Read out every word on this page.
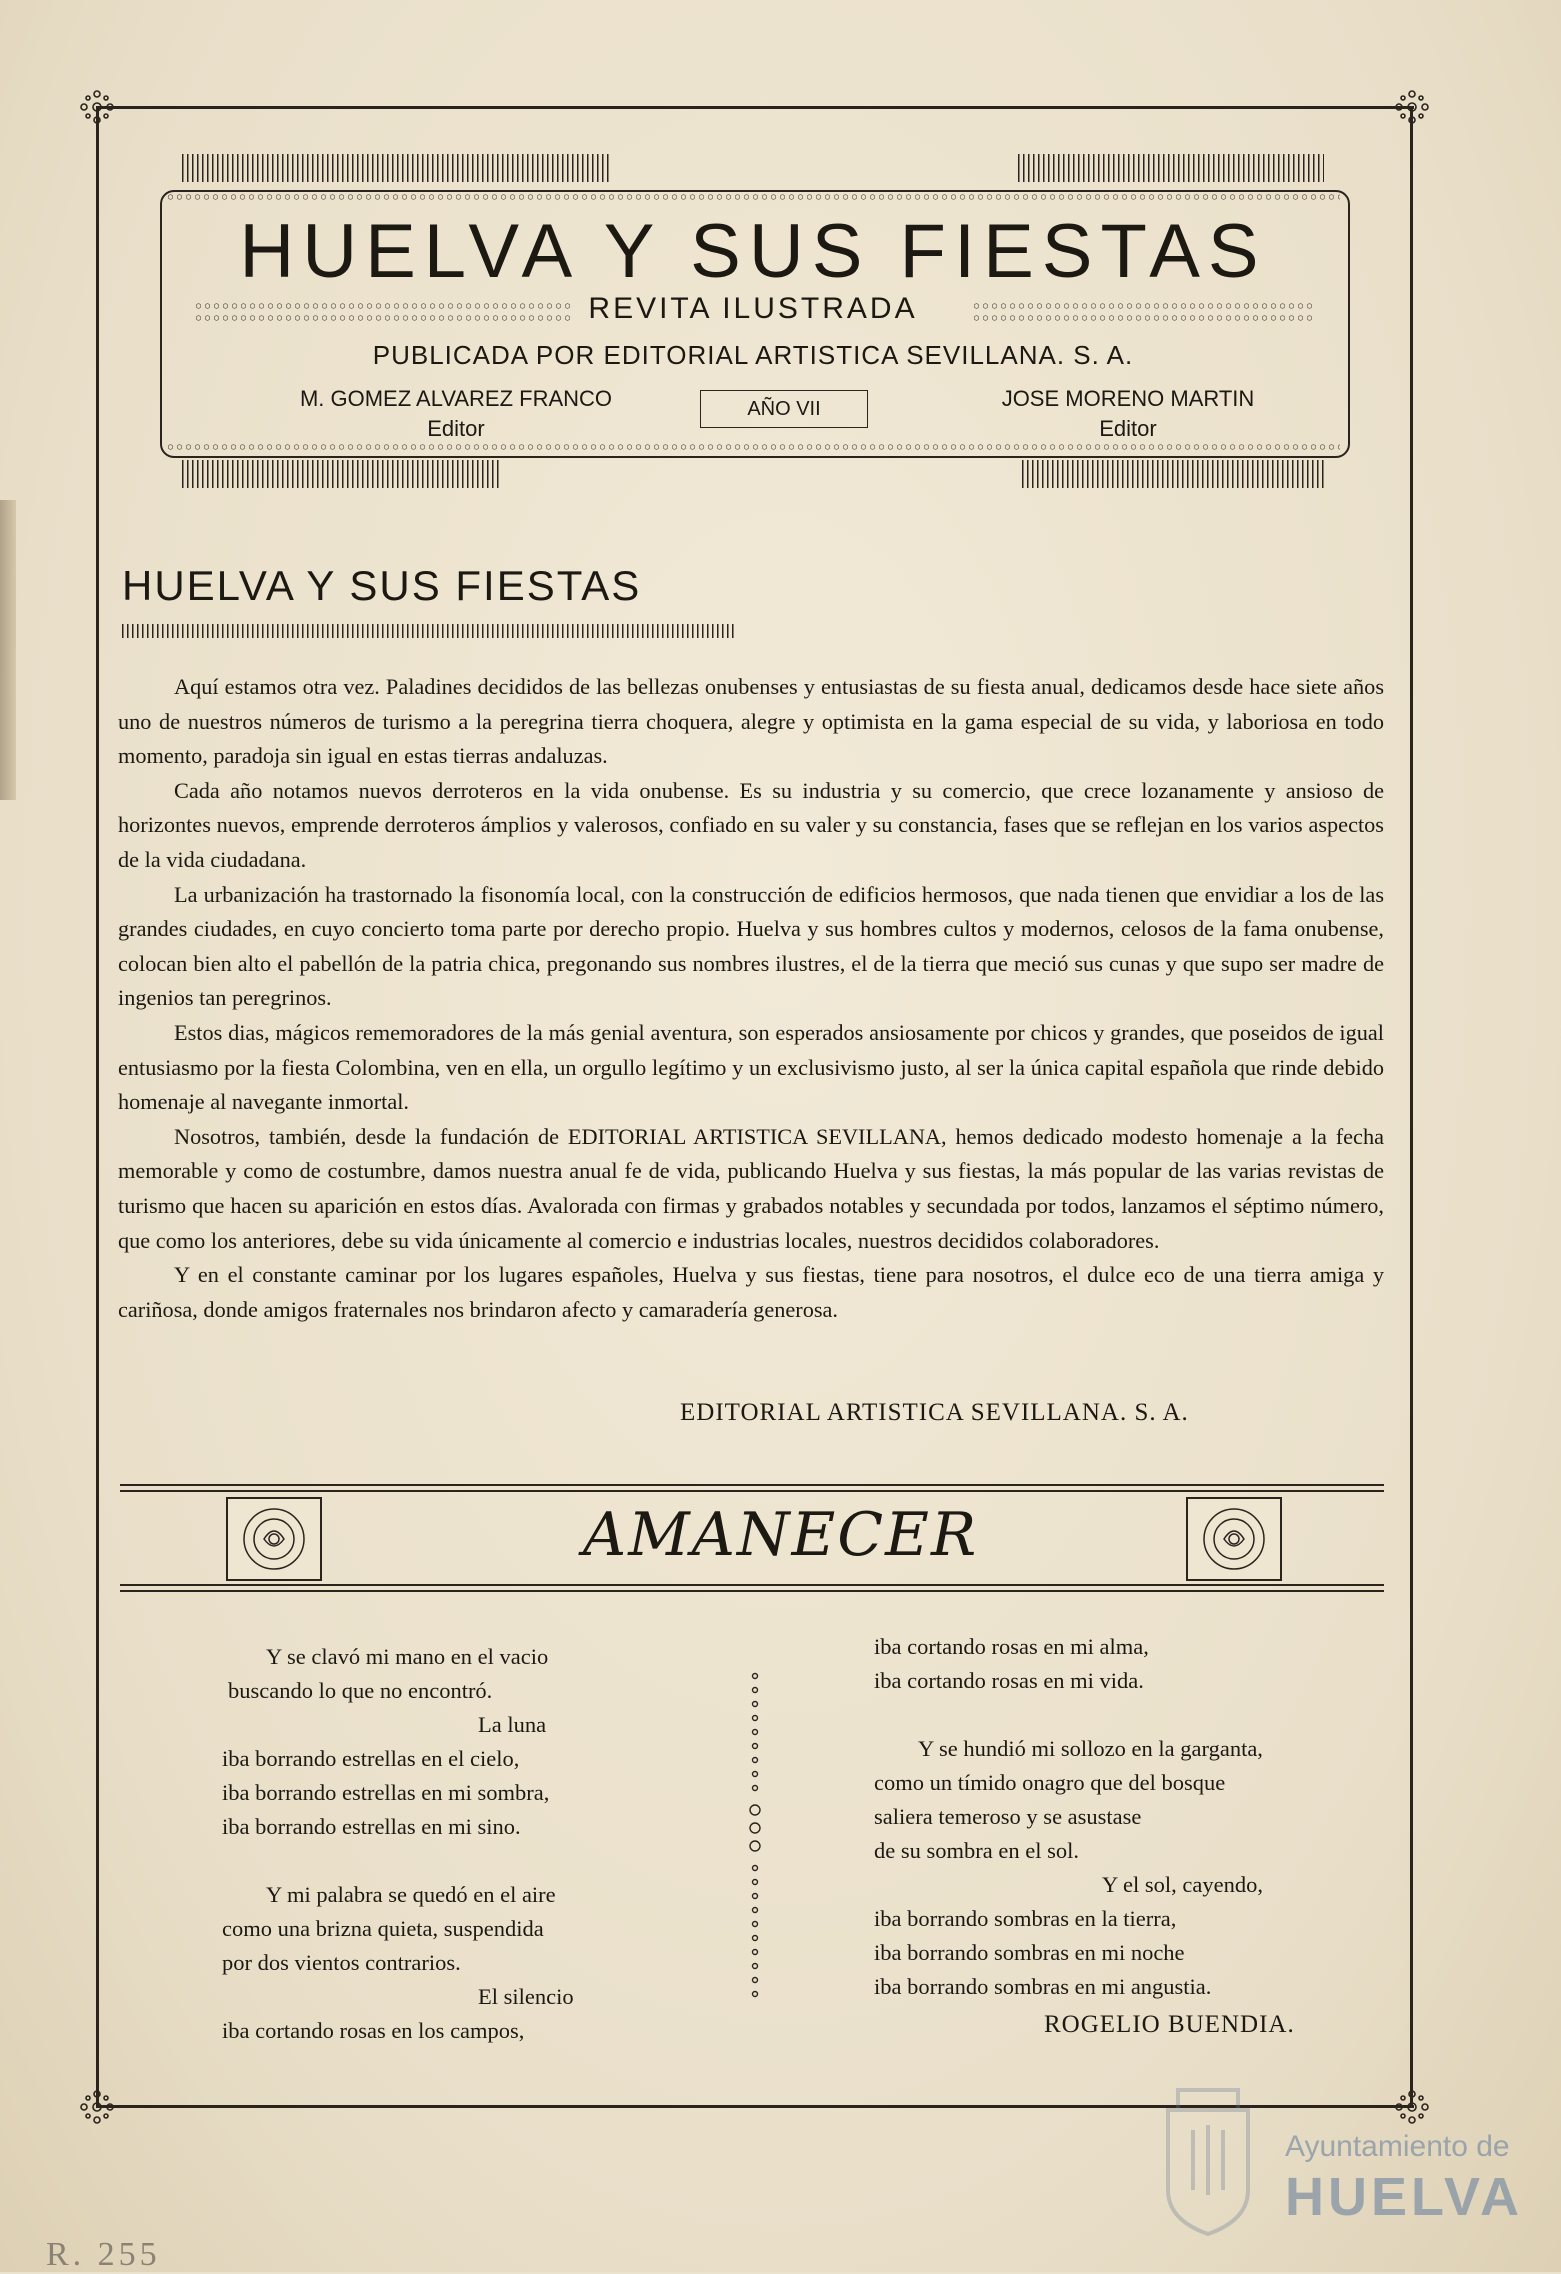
HUELVA Y SUS FIESTAS
REVITA ILUSTRADA
PUBLICADA POR EDITORIAL ARTISTICA SEVILLANA. S. A.
M. GOMEZ ALVAREZ FRANCO
Editor
AÑO VII	JOSE MORENO MARTIN
Editor
HUELVA Y SUS FIESTAS

Aquí estamos otra vez. Paladines decididos de las bellezas onubenses y entusiastas de su fiesta anual, dedicamos desde hace siete años uno de nuestros números de turismo a la peregrina tierra choquera, alegre y optimista en la gama especial de su vida, y laboriosa en todo momento, paradoja sin igual en estas tierras andaluzas.

Cada año notamos nuevos derroteros en la vida onubense. Es su industria y su comercio, que crece lozanamente y ansioso de horizontes nuevos, emprende derroteros ámplios y valerosos, confiado en su valer y su constancia, fases que se reflejan en los varios aspectos de la vida ciudadana.

La urbanización ha trastornado la fisonomía local, con la construcción de edificios hermosos, que nada tienen que envidiar a los de las grandes ciudades, en cuyo concierto toma parte por derecho propio. Huelva y sus hombres cultos y modernos, celosos de la fama onubense, colocan bien alto el pabellón de la patria chica, pregonando sus nombres ilustres, el de la tierra que meció sus cunas y que supo ser madre de ingenios tan peregrinos.

Estos dias, mágicos rememoradores de la más genial aventura, son esperados ansiosamente por chicos y grandes, que poseidos de igual entusiasmo por la fiesta Colombina, ven en ella, un orgullo legítimo y un exclusivismo justo, al ser la única capital española que rinde debido homenaje al navegante inmortal.

Nosotros, también, desde la fundación de EDITORIAL ARTISTICA SEVILLANA, hemos dedicado modesto homenaje a la fecha memorable y como de costumbre, damos nuestra anual fe de vida, publicando Huelva y sus fiestas, la más popular de las varias revistas de turismo que hacen su aparición en estos días. Avalorada con firmas y grabados notables y secundada por todos, lanzamos el séptimo número, que como los anteriores, debe su vida únicamente al comercio e industrias locales, nuestros decididos colaboradores.

Y en el constante caminar por los lugares españoles, Huelva y sus fiestas, tiene para nosotros, el dulce eco de una tierra amiga y cariñosa, donde amigos fraternales nos brindaron afecto y camaradería generosa.

EDITORIAL ARTISTICA SEVILLANA. S. A.
AMANECER
Y se clavó mi mano en el vacio
buscando lo que no encontró.
La luna
iba borrando estrellas en el cielo,
iba borrando estrellas en mi sombra,
iba borrando estrellas en mi sino.
Y mi palabra se quedó en el aire
como una brizna quieta, suspendida
por dos vientos contrarios.
El silencio
iba cortando rosas en los campos,
iba cortando rosas en mi alma,
iba cortando rosas en mi vida.
Y se hundió mi sollozo en la garganta,
como un tímido onagro que del bosque
saliera temeroso y se asustase
de su sombra en el sol.
Y el sol, cayendo,
iba borrando sombras en la tierra,
iba borrando sombras en mi noche
iba borrando sombras en mi angustia.
ROGELIO BUENDIA.
Ayuntamiento de
HUELVA
R. 255
